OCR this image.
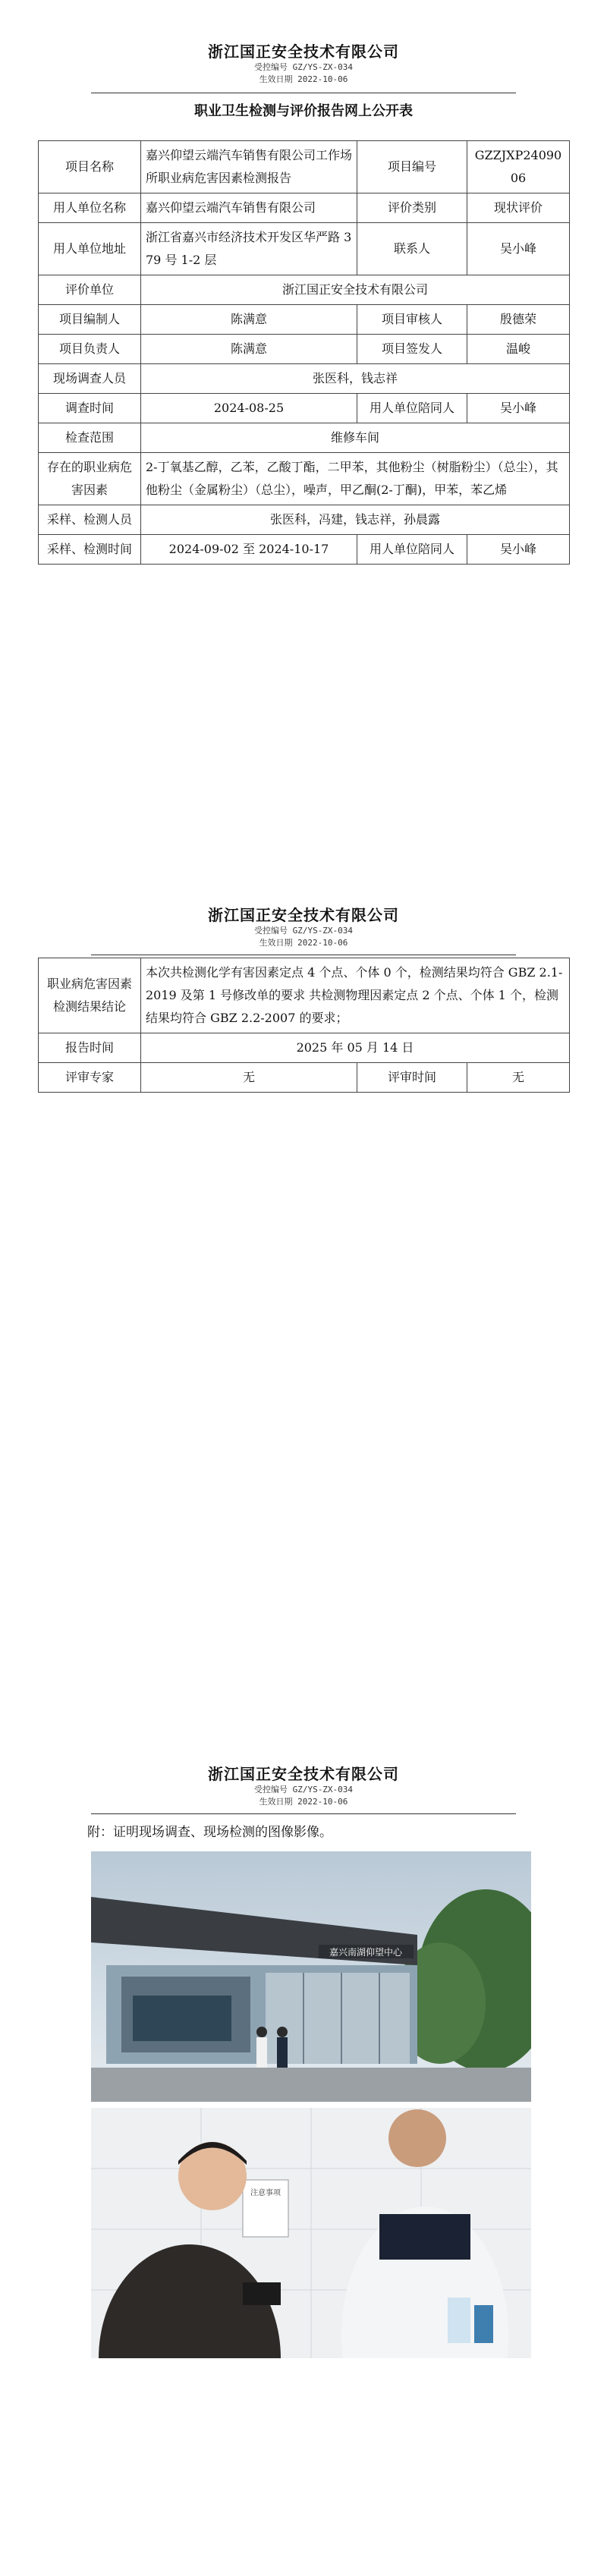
浙江国正安全技术有限公司
受控编号 GZ/YS-ZX-034
生效日期 2022-10-06
职业卫生检测与评价报告网上公开表
项目名称	嘉兴仰望云端汽车销售有限公司工作场所职业病危害因素检测报告	项目编号	GZZJXP2409006
用人单位名称	嘉兴仰望云端汽车销售有限公司	评价类别	现状评价
用人单位地址	浙江省嘉兴市经济技术开发区华严路 379 号 1-2 层	联系人	吴小峰
评价单位	浙江国正安全技术有限公司		
项目编制人	陈满意	项目审核人	殷德荣
项目负责人	陈满意	项目签发人	温峻
现场调查人员	张医科，钱志祥		
调查时间	2024-08-25	用人单位陪同人	吴小峰
检查范围	维修车间		
存在的职业病危害因素	2-丁氧基乙醇，乙苯，乙酸丁酯，二甲苯，其他粉尘（树脂粉尘）（总尘），其他粉尘（金属粉尘）（总尘），噪声，甲乙酮(2-丁酮)，甲苯，苯乙烯		
采样、检测人员	张医科，冯建，钱志祥，孙晨露		
采样、检测时间	2024-09-02 至 2024-10-17	用人单位陪同人	吴小峰
浙江国正安全技术有限公司
受控编号 GZ/YS-ZX-034
生效日期 2022-10-06
职业病危害因素检测结果结论	本次共检测化学有害因素定点 4 个点、个体 0 个，检测结果均符合 GBZ 2.1-2019 及第 1 号修改单的要求 共检测物理因素定点 2 个点、个体 1 个，检测结果均符合 GBZ 2.2-2007 的要求；		
报告时间	2025 年 05 月 14 日		
评审专家	无	评审时间	无
浙江国正安全技术有限公司
受控编号 GZ/YS-ZX-034
生效日期 2022-10-06
附：证明现场调查、现场检测的图像影像。
嘉兴南湖仰望中心
注意事项
